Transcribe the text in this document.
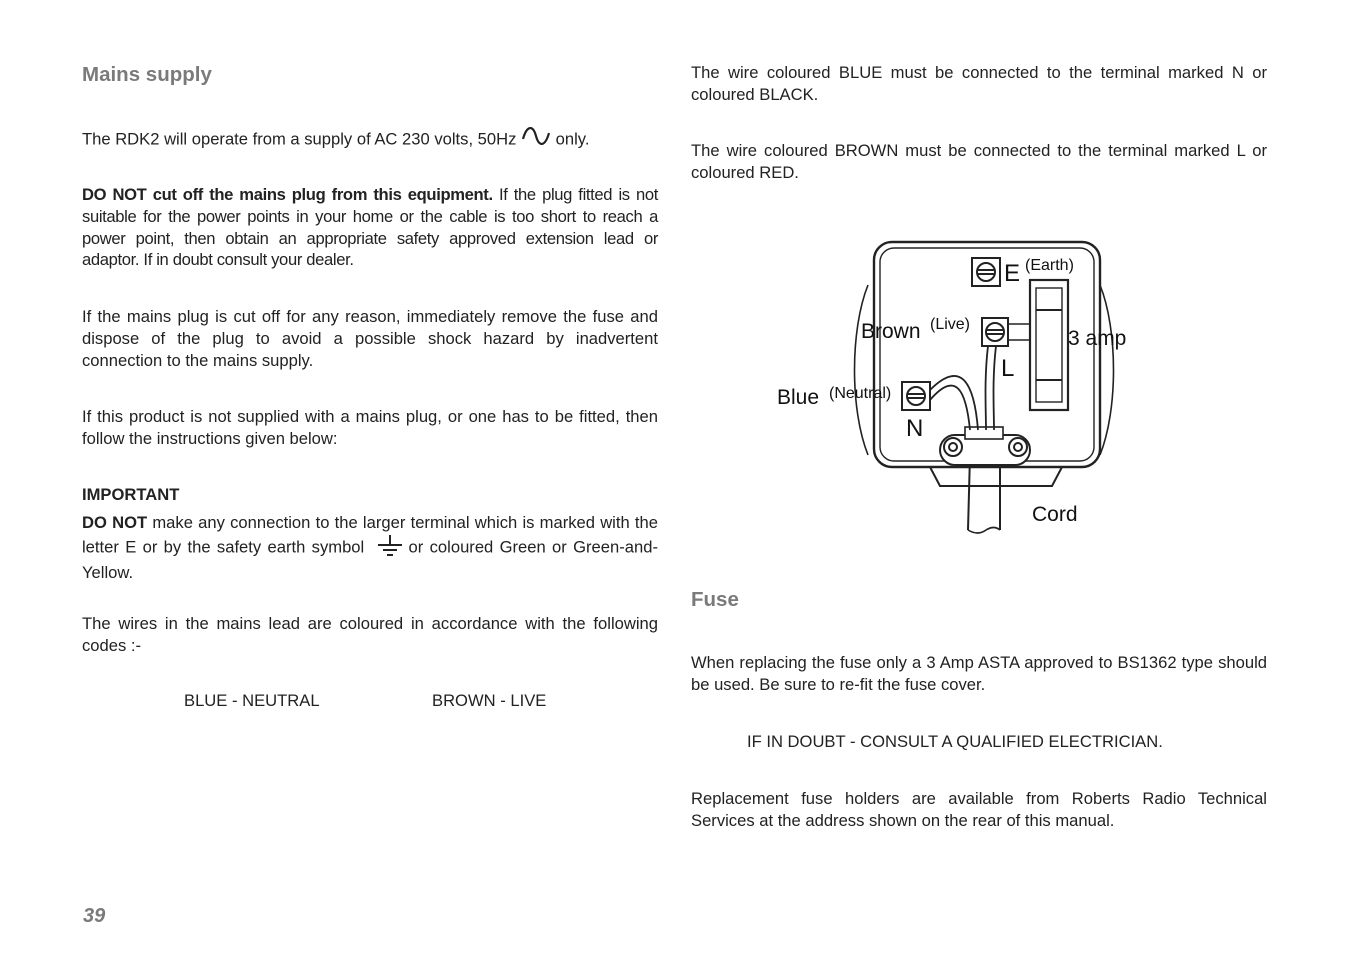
Mains supply

The RDK2 will operate from a supply of AC 230 volts, 50Hz only.

DO NOT cut off the mains plug from this equipment. If the plug fitted is not suitable for the power points in your home or the cable is too short to reach a power point, then obtain an appropriate safety approved extension lead or adaptor. If in doubt consult your dealer.

If the mains plug is cut off for any reason, immediately remove the fuse and dispose of the plug to avoid a possible shock hazard by inadvertent connection to the mains supply.

If this product is not supplied with a mains plug, or one has to be fitted, then follow the instructions given below:

IMPORTANT

DO NOT make any connection to the larger terminal which is marked with the letter E or by the safety earth symbol	or coloured Green or Green-and-Yellow.

The wires in the mains lead are coloured in accordance with the following codes :-

BLUE - NEUTRAL	BROWN - LIVE

The wire coloured BLUE must be connected to the terminal marked N or coloured BLACK.

The wire coloured BROWN must be connected to the terminal marked L or coloured RED.

Fuse

When replacing the fuse only a 3 Amp ASTA approved to BS1362 type should be used. Be sure to re-fit the fuse cover.

IF IN DOUBT - CONSULT A QUALIFIED ELECTRICIAN.

Replacement fuse holders are available from Roberts Radio Technical Services at the address shown on the rear of this manual.

E (Earth)
Brown (Live)
L
3 amp
Blue (Neutral)
N
Cord
39
